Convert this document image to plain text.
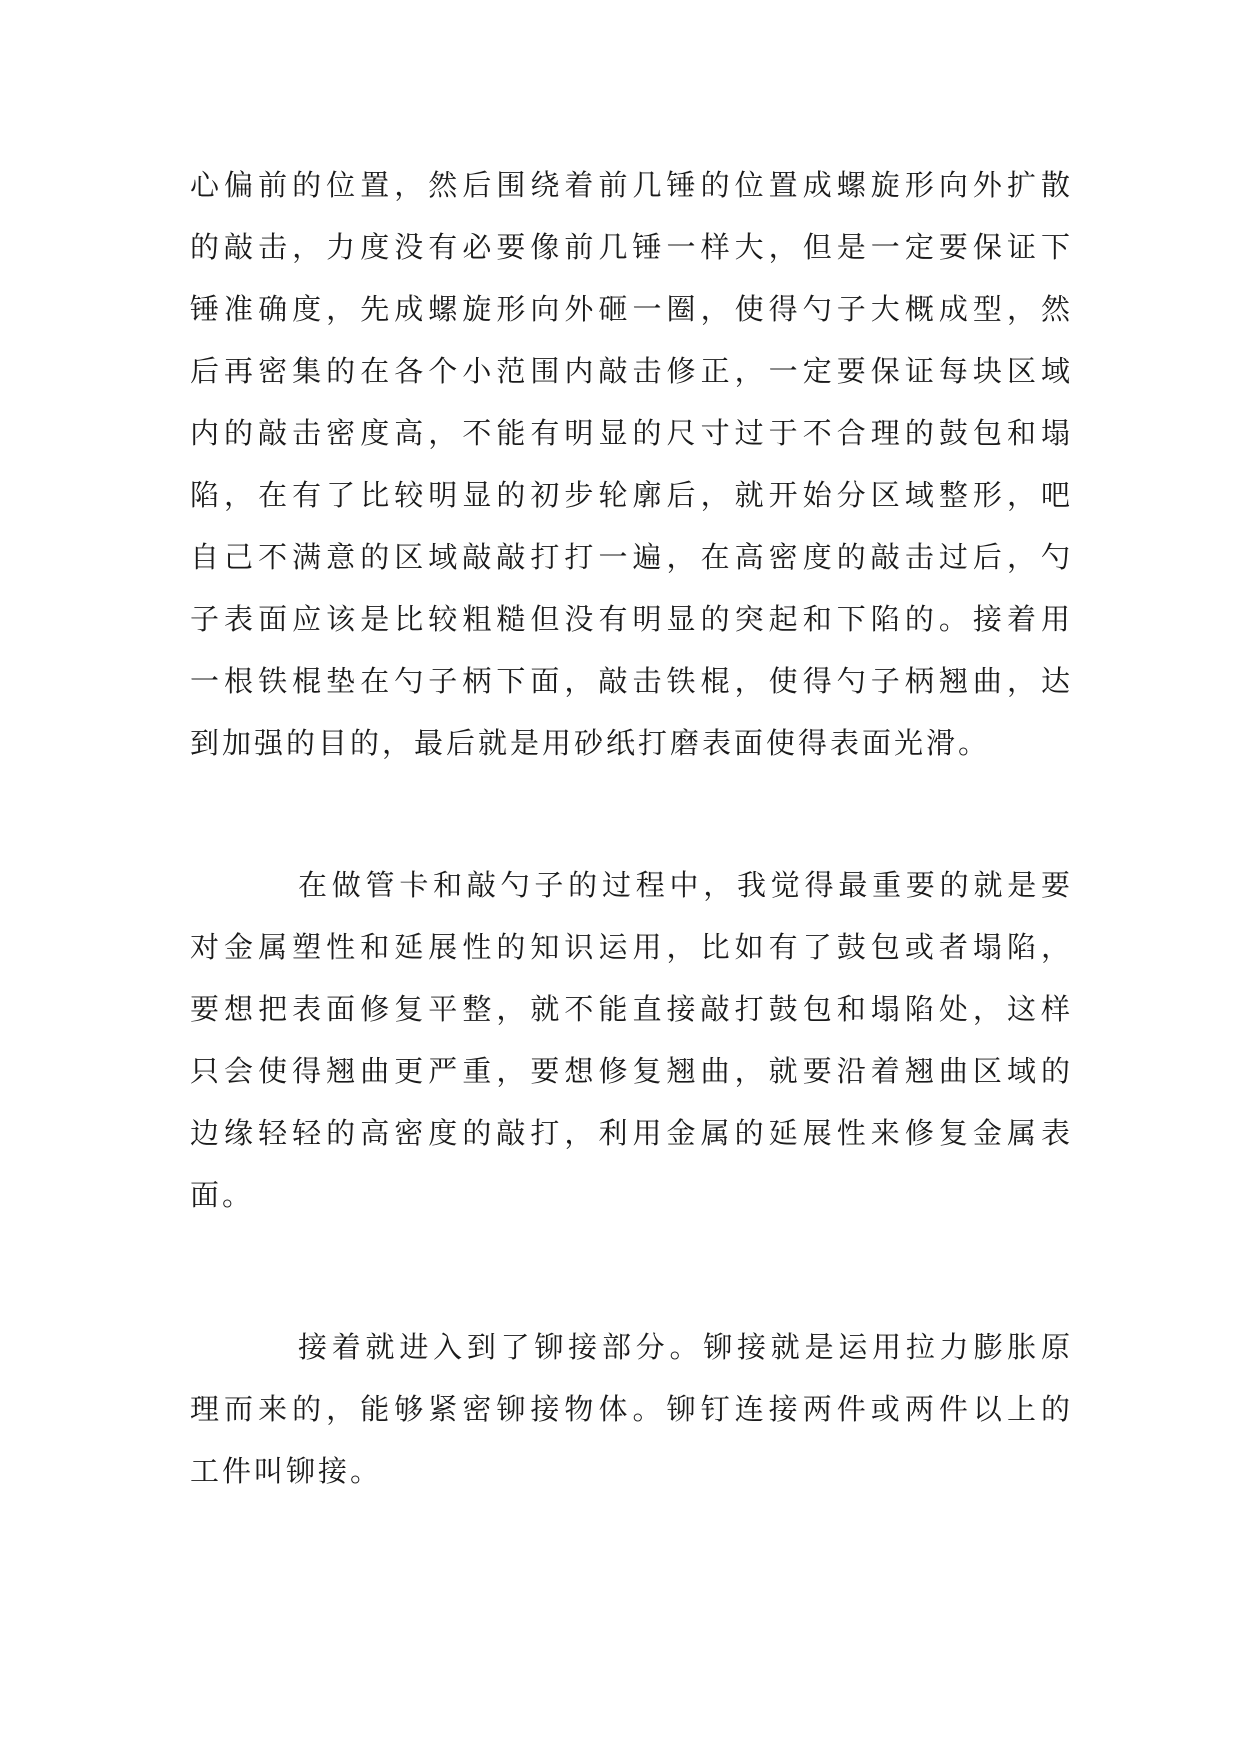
心偏前的位置，然后围绕着前几锤的位置成螺旋形向外扩散
的敲击，力度没有必要像前几锤一样大，但是一定要保证下
锤准确度，先成螺旋形向外砸一圈，使得勺子大概成型，然
后再密集的在各个小范围内敲击修正，一定要保证每块区域
内的敲击密度高，不能有明显的尺寸过于不合理的鼓包和塌
陷，在有了比较明显的初步轮廓后，就开始分区域整形，吧
自己不满意的区域敲敲打打一遍，在高密度的敲击过后，勺
子表面应该是比较粗糙但没有明显的突起和下陷的。接着用
一根铁棍垫在勺子柄下面，敲击铁棍，使得勺子柄翘曲，达
到加强的目的，最后就是用砂纸打磨表面使得表面光滑。
在做管卡和敲勺子的过程中，我觉得最重要的就是要
对金属塑性和延展性的知识运用，比如有了鼓包或者塌陷，
要想把表面修复平整，就不能直接敲打鼓包和塌陷处，这样
只会使得翘曲更严重，要想修复翘曲，就要沿着翘曲区域的
边缘轻轻的高密度的敲打，利用金属的延展性来修复金属表
面。
接着就进入到了铆接部分。铆接就是运用拉力膨胀原
理而来的，能够紧密铆接物体。铆钉连接两件或两件以上的
工件叫铆接。
